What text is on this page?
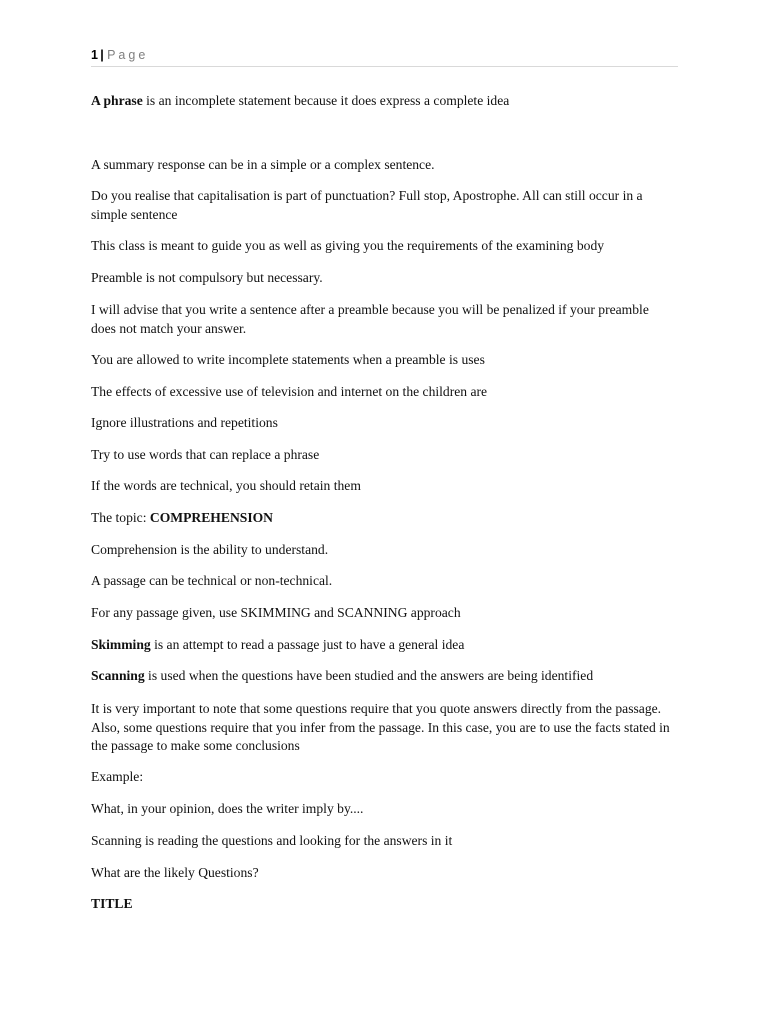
1 | Page

A phrase is an incomplete statement because it does express a complete idea

A summary response can be in a simple or a complex sentence.

Do you realise that capitalisation is part of punctuation? Full stop, Apostrophe. All can still occur in a simple sentence

This class is meant to guide you as well as giving you the requirements of the examining body

Preamble is not compulsory but necessary.

I will advise that you write a sentence after a preamble because you will be penalized if your preamble does not match your answer.

You are allowed to write incomplete statements when a preamble is uses

The effects of excessive use of television and internet on the children are

Ignore illustrations and repetitions

Try to use words that can replace a phrase

If the words are technical, you should retain them

The topic: COMPREHENSION

Comprehension is the ability to understand.

A passage can be technical or non-technical.

For any passage given, use SKIMMING and SCANNING approach

Skimming is an attempt to read a passage just to have a general idea

Scanning is used when the questions have been studied and the answers are being identified

It is very important to note that some questions require that you quote answers directly from the passage. Also, some questions require that you infer from the passage. In this case, you are to use the facts stated in the passage to make some conclusions

Example:

What, in your opinion, does the writer imply by....

Scanning is reading the questions and looking for the answers in it

What are the likely Questions?

TITLE
